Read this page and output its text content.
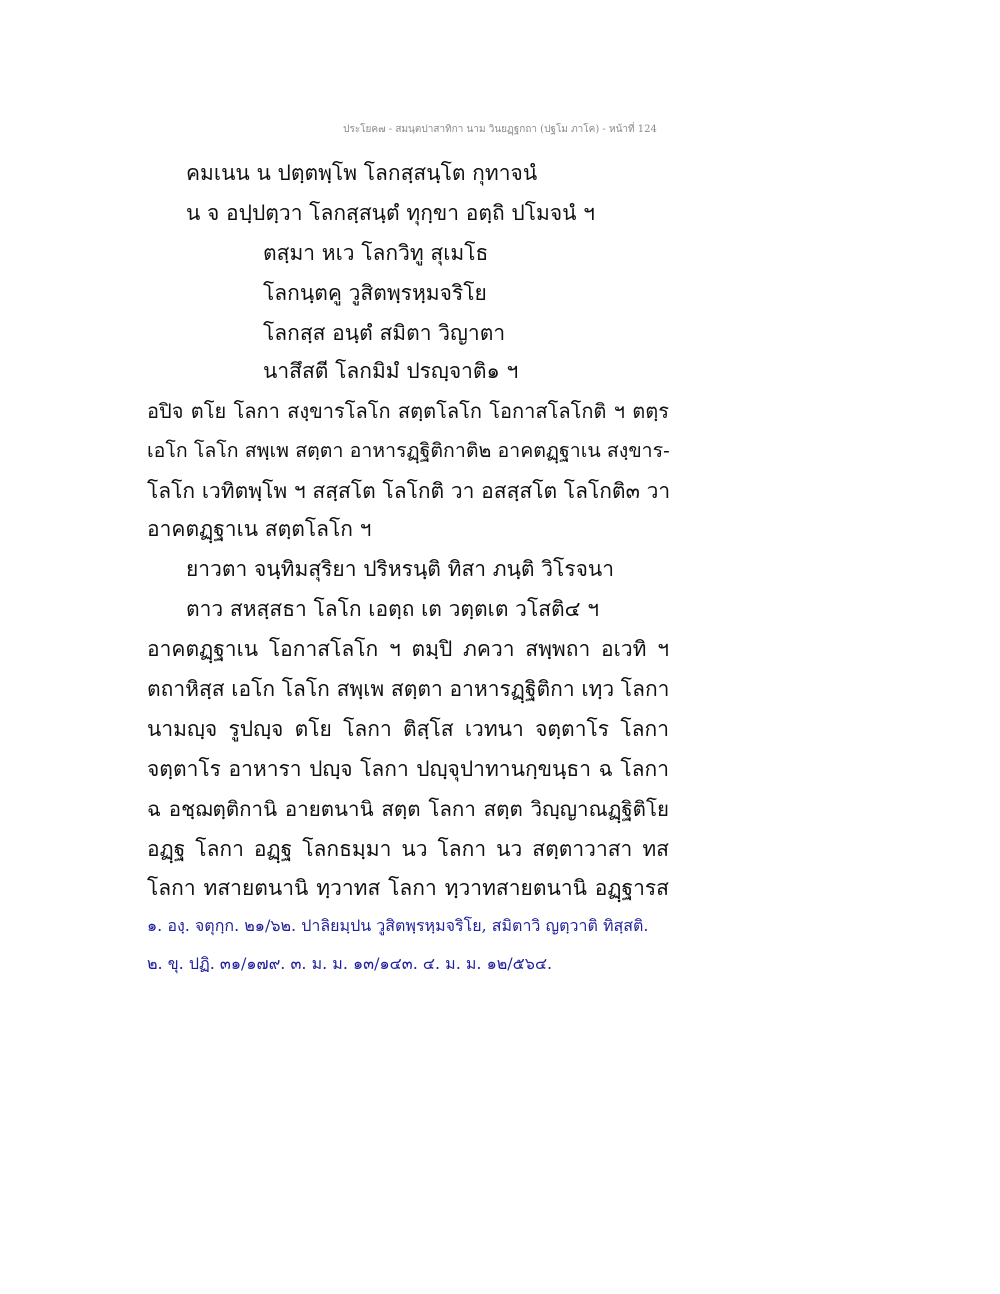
ประโยค๗ - สมนฺตปาสาทิกา นาม วินยฏฺฐกถา (ปฐโม ภาโค) - หน้าที่ 124
คมเนน น ปตฺตพฺโพ โลกสฺสนฺโต กุทาจนํ
น จ อปฺปตฺวา โลกสฺสนฺตํ ทุกฺขา อตฺถิ ปโมจนํ ฯ
ตสฺมา หเว โลกวิทู สุเมโธ
โลกนฺตคู วูสิตพฺรหฺมจริโย
โลกสฺส อนฺตํ สมิตา วิญาตา
นาสึสตี โลกมิมํ ปรญฺจาติ๑ ฯ
อปิจ ตโย โลกา สงฺขารโลโก สตฺตโลโก โอกาสโลโกติ ฯ ตตฺร
เอโก โลโก สพฺเพ สตฺตา อาหารฏฺฐิติกาติ๒ อาคตฏฺฐาเน สงฺขาร-
โลโก เวทิตพฺโพ ฯ สสฺสโต โลโกติ วา อสสฺสโต โลโกติ๓ วา
อาคตฏฺฐาเน สตฺตโลโก ฯ
ยาวตา จนฺทิมสุริยา ปริหรนฺติ ทิสา ภนฺติ วิโรจนา
ตาว สหสฺสธา โลโก เอตฺถ เต วตฺตเต วโสติ๔ ฯ
อาคตฏฺฐาเน โอกาสโลโก ฯ ตมฺปิ ภควา สพฺพถา อเวทิ ฯ
ตถาหิสฺส เอโก โลโก สพฺเพ สตฺตา อาหารฏฺฐิติกา เทฺว โลกา
นามญฺจ รูปญฺจ ตโย โลกา ติสฺโส เวทนา จตฺตาโร โลกา
จตฺตาโร อาหารา ปญฺจ โลกา ปญฺจุปาทานกฺขนฺธา ฉ โลกา
ฉ อชฺฌตฺติกานิ อายตนานิ สตฺต โลกา สตฺต วิญฺญาณฏฺฐิติโย
อฏฺฐ โลกา อฏฺฐ โลกธมฺมา นว โลกา นว สตฺตาวาสา ทส
โลกา ทสายตนานิ ทฺวาทส โลกา ทฺวาทสายตนานิ อฏฺฐารส
๑. องฺ. จตุกฺก. ๒๑/๖๒. ปาลิยมฺปน วูสิตพฺรหฺมจริโย, สมิตาวิ ญตฺวาติ ทิสฺสติ.
๒. ขุ. ปฏิ. ๓๑/๑๗๙. ๓. ม. ม. ๑๓/๑๔๓. ๔. ม. ม. ๑๒/๕๖๔.
